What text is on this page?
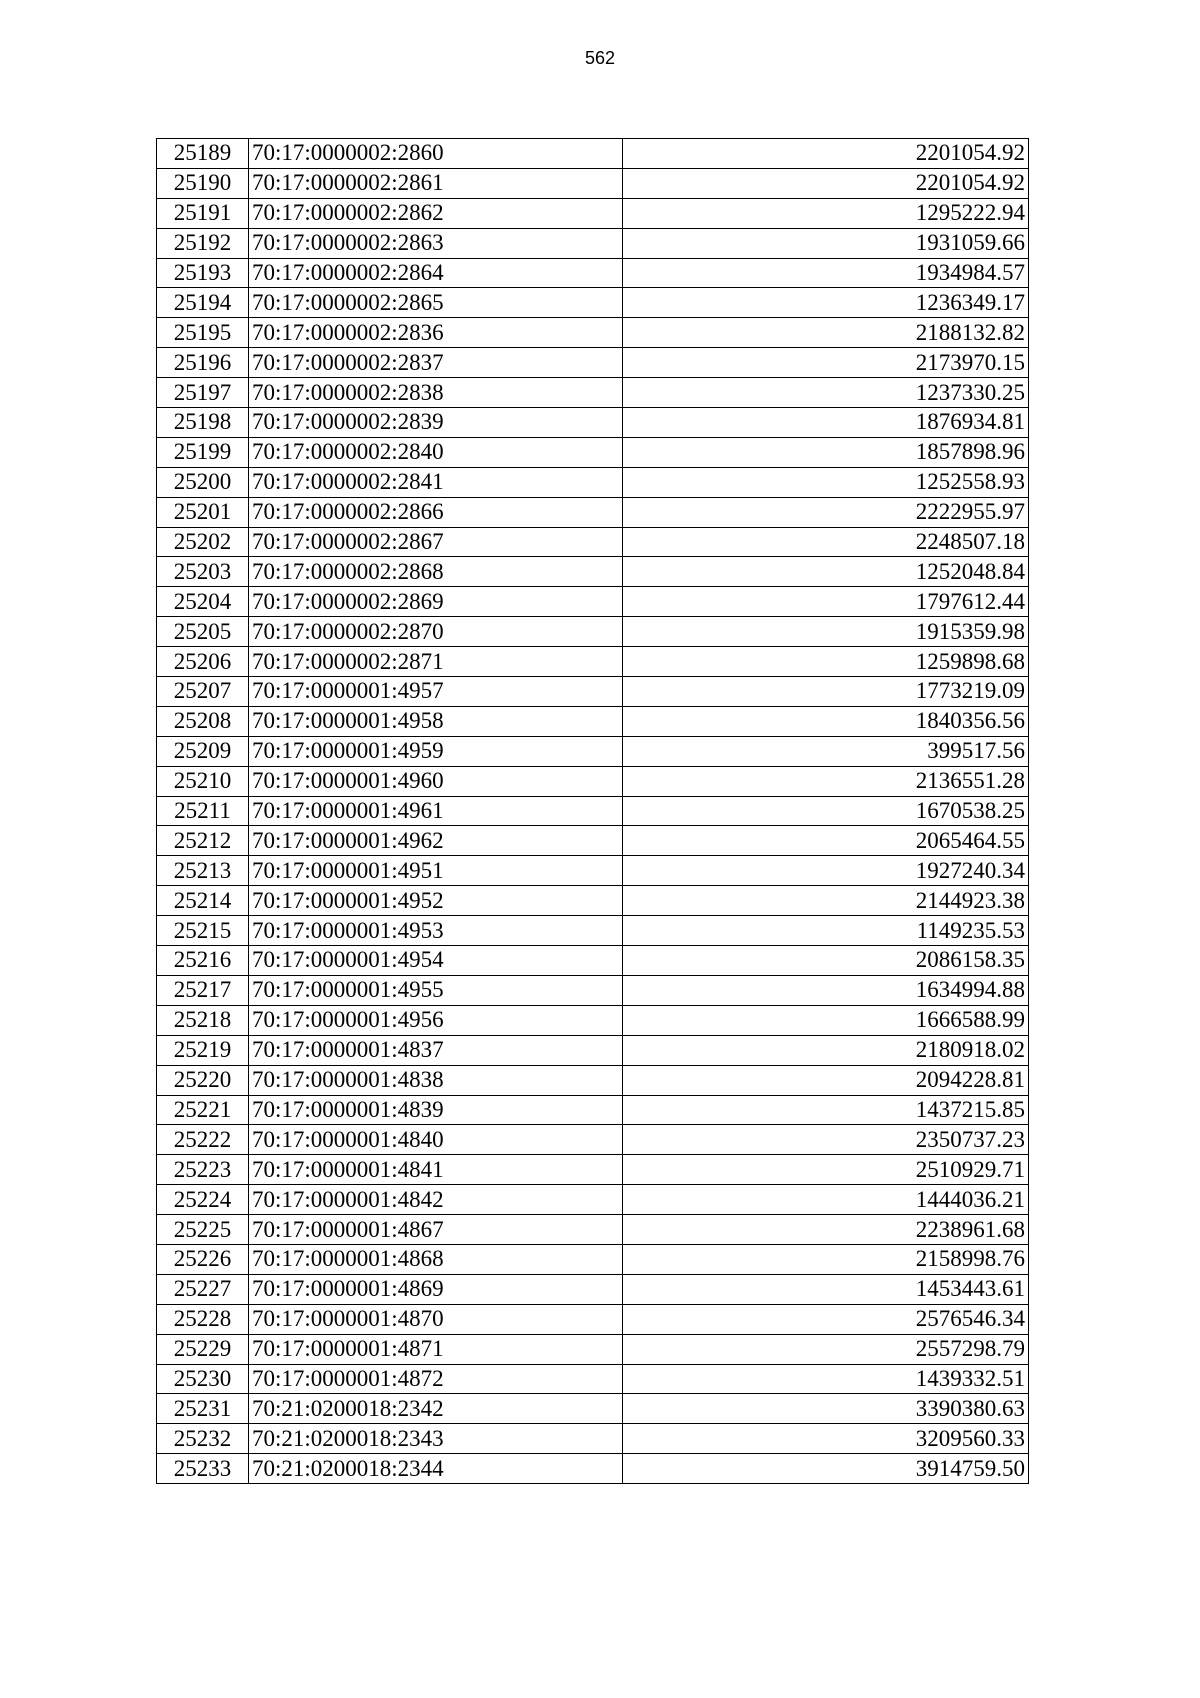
562
25189	70:17:0000002:2860	2201054.92
25190	70:17:0000002:2861	2201054.92
25191	70:17:0000002:2862	1295222.94
25192	70:17:0000002:2863	1931059.66
25193	70:17:0000002:2864	1934984.57
25194	70:17:0000002:2865	1236349.17
25195	70:17:0000002:2836	2188132.82
25196	70:17:0000002:2837	2173970.15
25197	70:17:0000002:2838	1237330.25
25198	70:17:0000002:2839	1876934.81
25199	70:17:0000002:2840	1857898.96
25200	70:17:0000002:2841	1252558.93
25201	70:17:0000002:2866	2222955.97
25202	70:17:0000002:2867	2248507.18
25203	70:17:0000002:2868	1252048.84
25204	70:17:0000002:2869	1797612.44
25205	70:17:0000002:2870	1915359.98
25206	70:17:0000002:2871	1259898.68
25207	70:17:0000001:4957	1773219.09
25208	70:17:0000001:4958	1840356.56
25209	70:17:0000001:4959	399517.56
25210	70:17:0000001:4960	2136551.28
25211	70:17:0000001:4961	1670538.25
25212	70:17:0000001:4962	2065464.55
25213	70:17:0000001:4951	1927240.34
25214	70:17:0000001:4952	2144923.38
25215	70:17:0000001:4953	1149235.53
25216	70:17:0000001:4954	2086158.35
25217	70:17:0000001:4955	1634994.88
25218	70:17:0000001:4956	1666588.99
25219	70:17:0000001:4837	2180918.02
25220	70:17:0000001:4838	2094228.81
25221	70:17:0000001:4839	1437215.85
25222	70:17:0000001:4840	2350737.23
25223	70:17:0000001:4841	2510929.71
25224	70:17:0000001:4842	1444036.21
25225	70:17:0000001:4867	2238961.68
25226	70:17:0000001:4868	2158998.76
25227	70:17:0000001:4869	1453443.61
25228	70:17:0000001:4870	2576546.34
25229	70:17:0000001:4871	2557298.79
25230	70:17:0000001:4872	1439332.51
25231	70:21:0200018:2342	3390380.63
25232	70:21:0200018:2343	3209560.33
25233	70:21:0200018:2344	3914759.50
